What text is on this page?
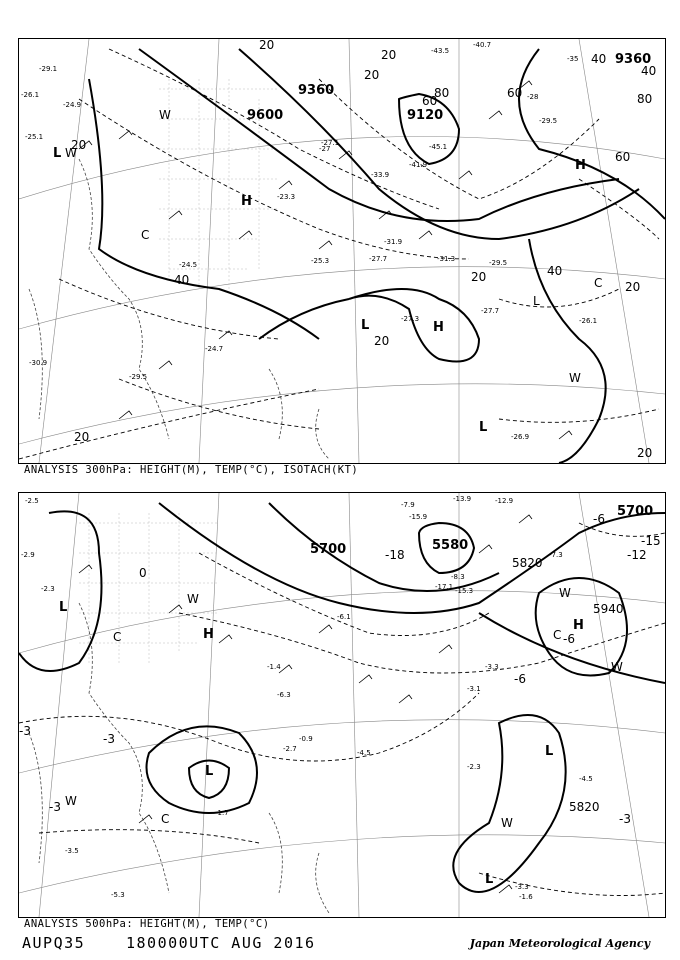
9600
9360
9120
9360
20
20
40
60
80
20	40
60	80
40
60
20
20
20
40
20
20
20
L
H
L	H
H
L
W
W
W
C
C
L
-29.1
-26.1
-24.9
-25.1
-27.1
-24.5
-23.3
-27
-25.3	-27.7	-29.5
-31.9
-31.3
-33.9
-41.9
-45.1
-43.5
-40.7
-35
-28
-29.5
-26.1
-27.7
-30.9
-29.5
-24.7
-26.9
-27.3
ANALYSIS 300hPa: HEIGHT(M), TEMP(°C), ISOTACH(KT)
5700	5580
5820
5700
5940
5820
-3
-3
-6
-6
-12
-15
-18
-3
0
-3
-6
L
H
W
L
W
H
W
C
L
L
W
C
W
C
-2.5
-2.9
-2.3
-3.5
-1.7
-3.1
-4.5
-7.9
-13.9
-15.9
-17.1 -15.3
-12.9
-7.3
-8.3
-3.3
-5.3	-1.6
-4.5
-2.3
-3.3
-6.3
-0.9
-1.4
-2.7
-6.1
ANALYSIS 500hPa: HEIGHT(M), TEMP(°C)
AUPQ35	180000UTC AUG 2016	Japan Meteorological Agency
